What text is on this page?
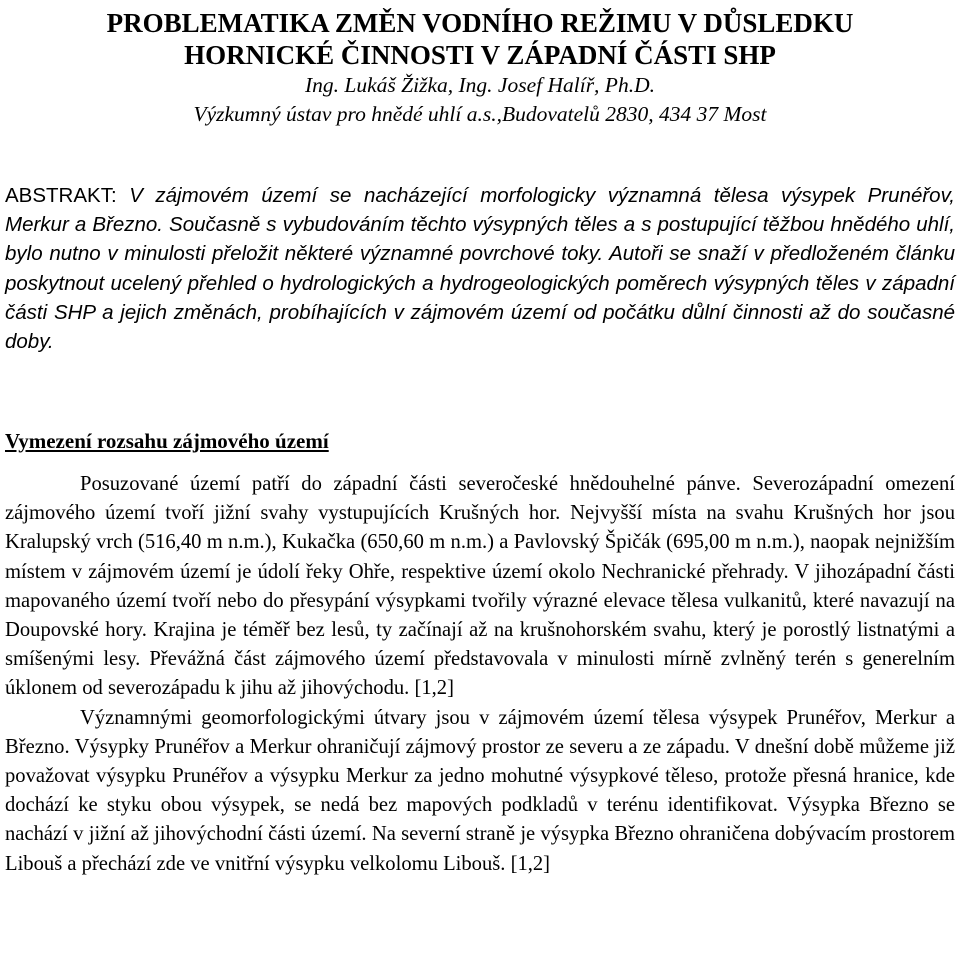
PROBLEMATIKA ZMĚN VODNÍHO REŽIMU V DŮSLEDKU
HORNICKÉ ČINNOSTI V ZÁPADNÍ ČÁSTI SHP
Ing. Lukáš Žižka, Ing. Josef Halíř, Ph.D.
Výzkumný ústav pro hnědé uhlí a.s.,Budovatelů 2830, 434 37 Most

ABSTRAKT: V zájmovém území se nacházející morfologicky významná tělesa výsypek Prunéřov, Merkur a Březno. Současně s vybudováním těchto výsypných těles a s postupující těžbou hnědého uhlí, bylo nutno v minulosti přeložit některé významné povrchové toky. Autoři se snaží v předloženém článku poskytnout ucelený přehled o hydrologických a hydrogeologických poměrech výsypných těles v západní části SHP a jejich změnách, probíhajících v zájmovém území od počátku důlní činnosti až do současné doby.

Vymezení rozsahu zájmového území

Posuzované území patří do západní části severočeské hnědouhelné pánve. Severozápadní omezení zájmového území tvoří jižní svahy vystupujících Krušných hor. Nejvyšší místa na svahu Krušných hor jsou Kralupský vrch (516,40 m n.m.), Kukačka (650,60 m n.m.) a Pavlovský Špičák (695,00 m n.m.), naopak nejnižším místem v zájmovém území je údolí řeky Ohře, respektive území okolo Nechranické přehrady. V jihozápadní části mapovaného území tvoří nebo do přesypání výsypkami tvořily výrazné elevace tělesa vulkanitů, které navazují na Doupovské hory. Krajina je téměř bez lesů, ty začínají až na krušnohorském svahu, který je porostlý listnatými a smíšenými lesy. Převážná část zájmového území představovala v minulosti mírně zvlněný terén s generelním úklonem od severozápadu k jihu až jihovýchodu. [1,2]

Významnými geomorfologickými útvary jsou v zájmovém území tělesa výsypek Prunéřov, Merkur a Březno. Výsypky Prunéřov a Merkur ohraničují zájmový prostor ze severu a ze západu. V dnešní době můžeme již považovat výsypku Prunéřov a výsypku Merkur za jedno mohutné výsypkové těleso, protože přesná hranice, kde dochází ke styku obou výsypek, se nedá bez mapových podkladů v terénu identifikovat. Výsypka Březno se nachází v jižní až jihovýchodní části území. Na severní straně je výsypka Březno ohraničena dobývacím prostorem Libouš a přechází zde ve vnitřní výsypku velkolomu Libouš. [1,2]
